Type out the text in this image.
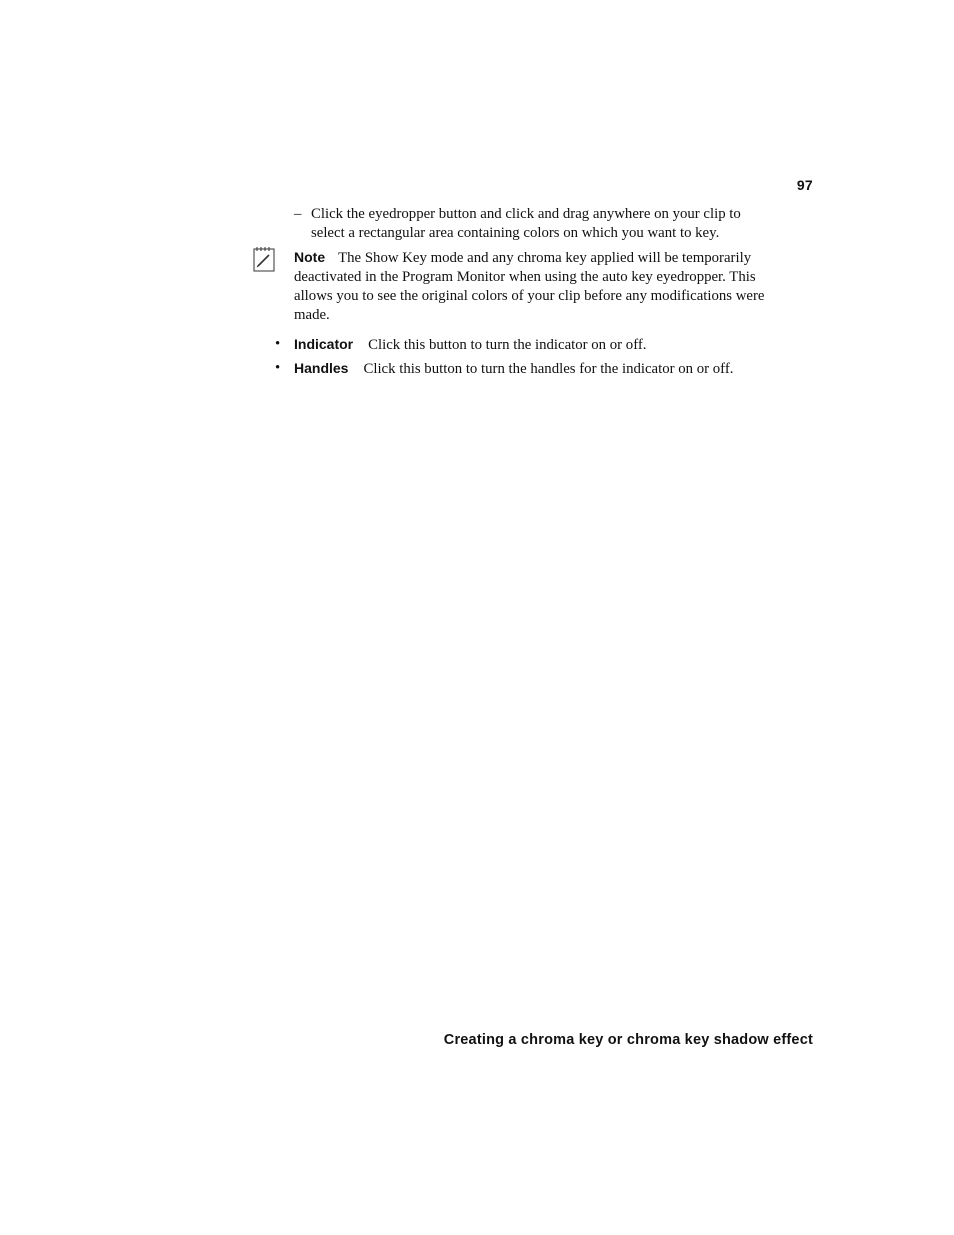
97
– Click the eyedropper button and click and drag anywhere on your clip to select a rectangular area containing colors on which you want to key.
Note The Show Key mode and any chroma key applied will be temporarily deactivated in the Program Monitor when using the auto key eyedropper. This allows you to see the original colors of your clip before any modifications were made.
• Indicator Click this button to turn the indicator on or off.
• Handles Click this button to turn the handles for the indicator on or off.
Creating a chroma key or chroma key shadow effect
